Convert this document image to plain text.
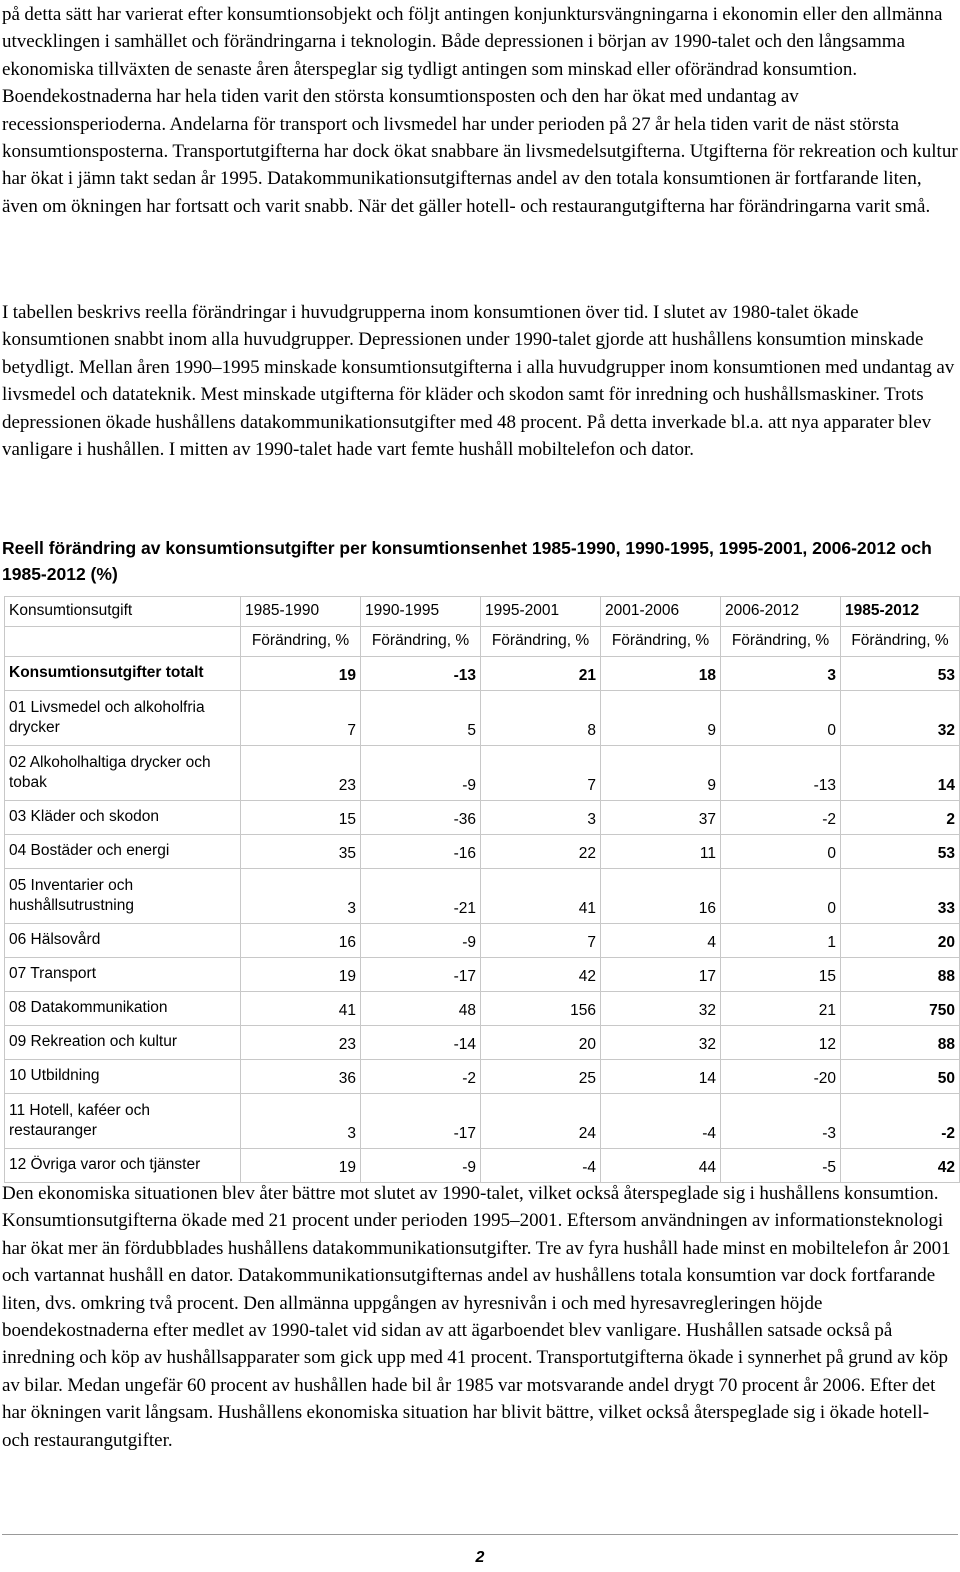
på detta sätt har varierat efter konsumtionsobjekt och följt antingen konjunktursvängningarna i ekonomin eller den allmänna utvecklingen i samhället och förändringarna i teknologin. Både depressionen i början av 1990-talet och den långsamma ekonomiska tillväxten de senaste åren återspeglar sig tydligt antingen som minskad eller oförändrad konsumtion. Boendekostnaderna har hela tiden varit den största konsumtionsposten och den har ökat med undantag av recessionsperioderna. Andelarna för transport och livsmedel har under perioden på 27 år hela tiden varit de näst största konsumtionsposterna. Transportutgifterna har dock ökat snabbare än livsmedelsutgifterna. Utgifterna för rekreation och kultur har ökat i jämn takt sedan år 1995. Datakommunikationsutgifternas andel av den totala konsumtionen är fortfarande liten, även om ökningen har fortsatt och varit snabb. När det gäller hotell- och restaurangutgifterna har förändringarna varit små.

I tabellen beskrivs reella förändringar i huvudgrupperna inom konsumtionen över tid. I slutet av 1980-talet ökade konsumtionen snabbt inom alla huvudgrupper. Depressionen under 1990-talet gjorde att hushållens konsumtion minskade betydligt. Mellan åren 1990–1995 minskade konsumtionsutgifterna i alla huvudgrupper inom konsumtionen med undantag av livsmedel och datateknik. Mest minskade utgifterna för kläder och skodon samt för inredning och hushållsmaskiner. Trots depressionen ökade hushållens datakommunikationsutgifter med 48 procent. På detta inverkade bl.a. att nya apparater blev vanligare i hushållen. I mitten av 1990-talet hade vart femte hushåll mobiltelefon och dator.

Reell förändring av konsumtionsutgifter per konsumtionsenhet 1985-1990, 1990-1995, 1995-2001, 2006-2012 och 1985-2012 (%)

Konsumtionsutgift	1985-1990	1990-1995	1995-2001	2001-2006	2006-2012	1985-2012
	Förändring, %	Förändring, %	Förändring, %	Förändring, %	Förändring, %	Förändring, %
Konsumtionsutgifter totalt	19	-13	21	18	3	53
01 Livsmedel och alkoholfria drycker	7	5	8	9	0	32
02 Alkoholhaltiga drycker och tobak	23	-9	7	9	-13	14
03 Kläder och skodon	15	-36	3	37	-2	2
04 Bostäder och energi	35	-16	22	11	0	53
05 Inventarier och hushållsutrustning	3	-21	41	16	0	33
06 Hälsovård	16	-9	7	4	1	20
07 Transport	19	-17	42	17	15	88
08 Datakommunikation	41	48	156	32	21	750
09 Rekreation och kultur	23	-14	20	32	12	88
10 Utbildning	36	-2	25	14	-20	50
11 Hotell, kaféer och restauranger	3	-17	24	-4	-3	-2
12 Övriga varor och tjänster	19	-9	-4	44	-5	42

Den ekonomiska situationen blev åter bättre mot slutet av 1990-talet, vilket också återspeglade sig i hushållens konsumtion. Konsumtionsutgifterna ökade med 21 procent under perioden 1995–2001. Eftersom användningen av informationsteknologi har ökat mer än fördubblades hushållens datakommunikationsutgifter. Tre av fyra hushåll hade minst en mobiltelefon år 2001 och vartannat hushåll en dator. Datakommunikationsutgifternas andel av hushållens totala konsumtion var dock fortfarande liten, dvs. omkring två procent. Den allmänna uppgången av hyresnivån i och med hyresavregleringen höjde boendekostnaderna efter medlet av 1990-talet vid sidan av att ägarboendet blev vanligare. Hushållen satsade också på inredning och köp av hushållsapparater som gick upp med 41 procent. Transportutgifterna ökade i synnerhet på grund av köp av bilar. Medan ungefär 60 procent av hushållen hade bil år 1985 var motsvarande andel drygt 70 procent år 2006. Efter det har ökningen varit långsam. Hushållens ekonomiska situation har blivit bättre, vilket också återspeglade sig i ökade hotell- och restaurangutgifter.

2
